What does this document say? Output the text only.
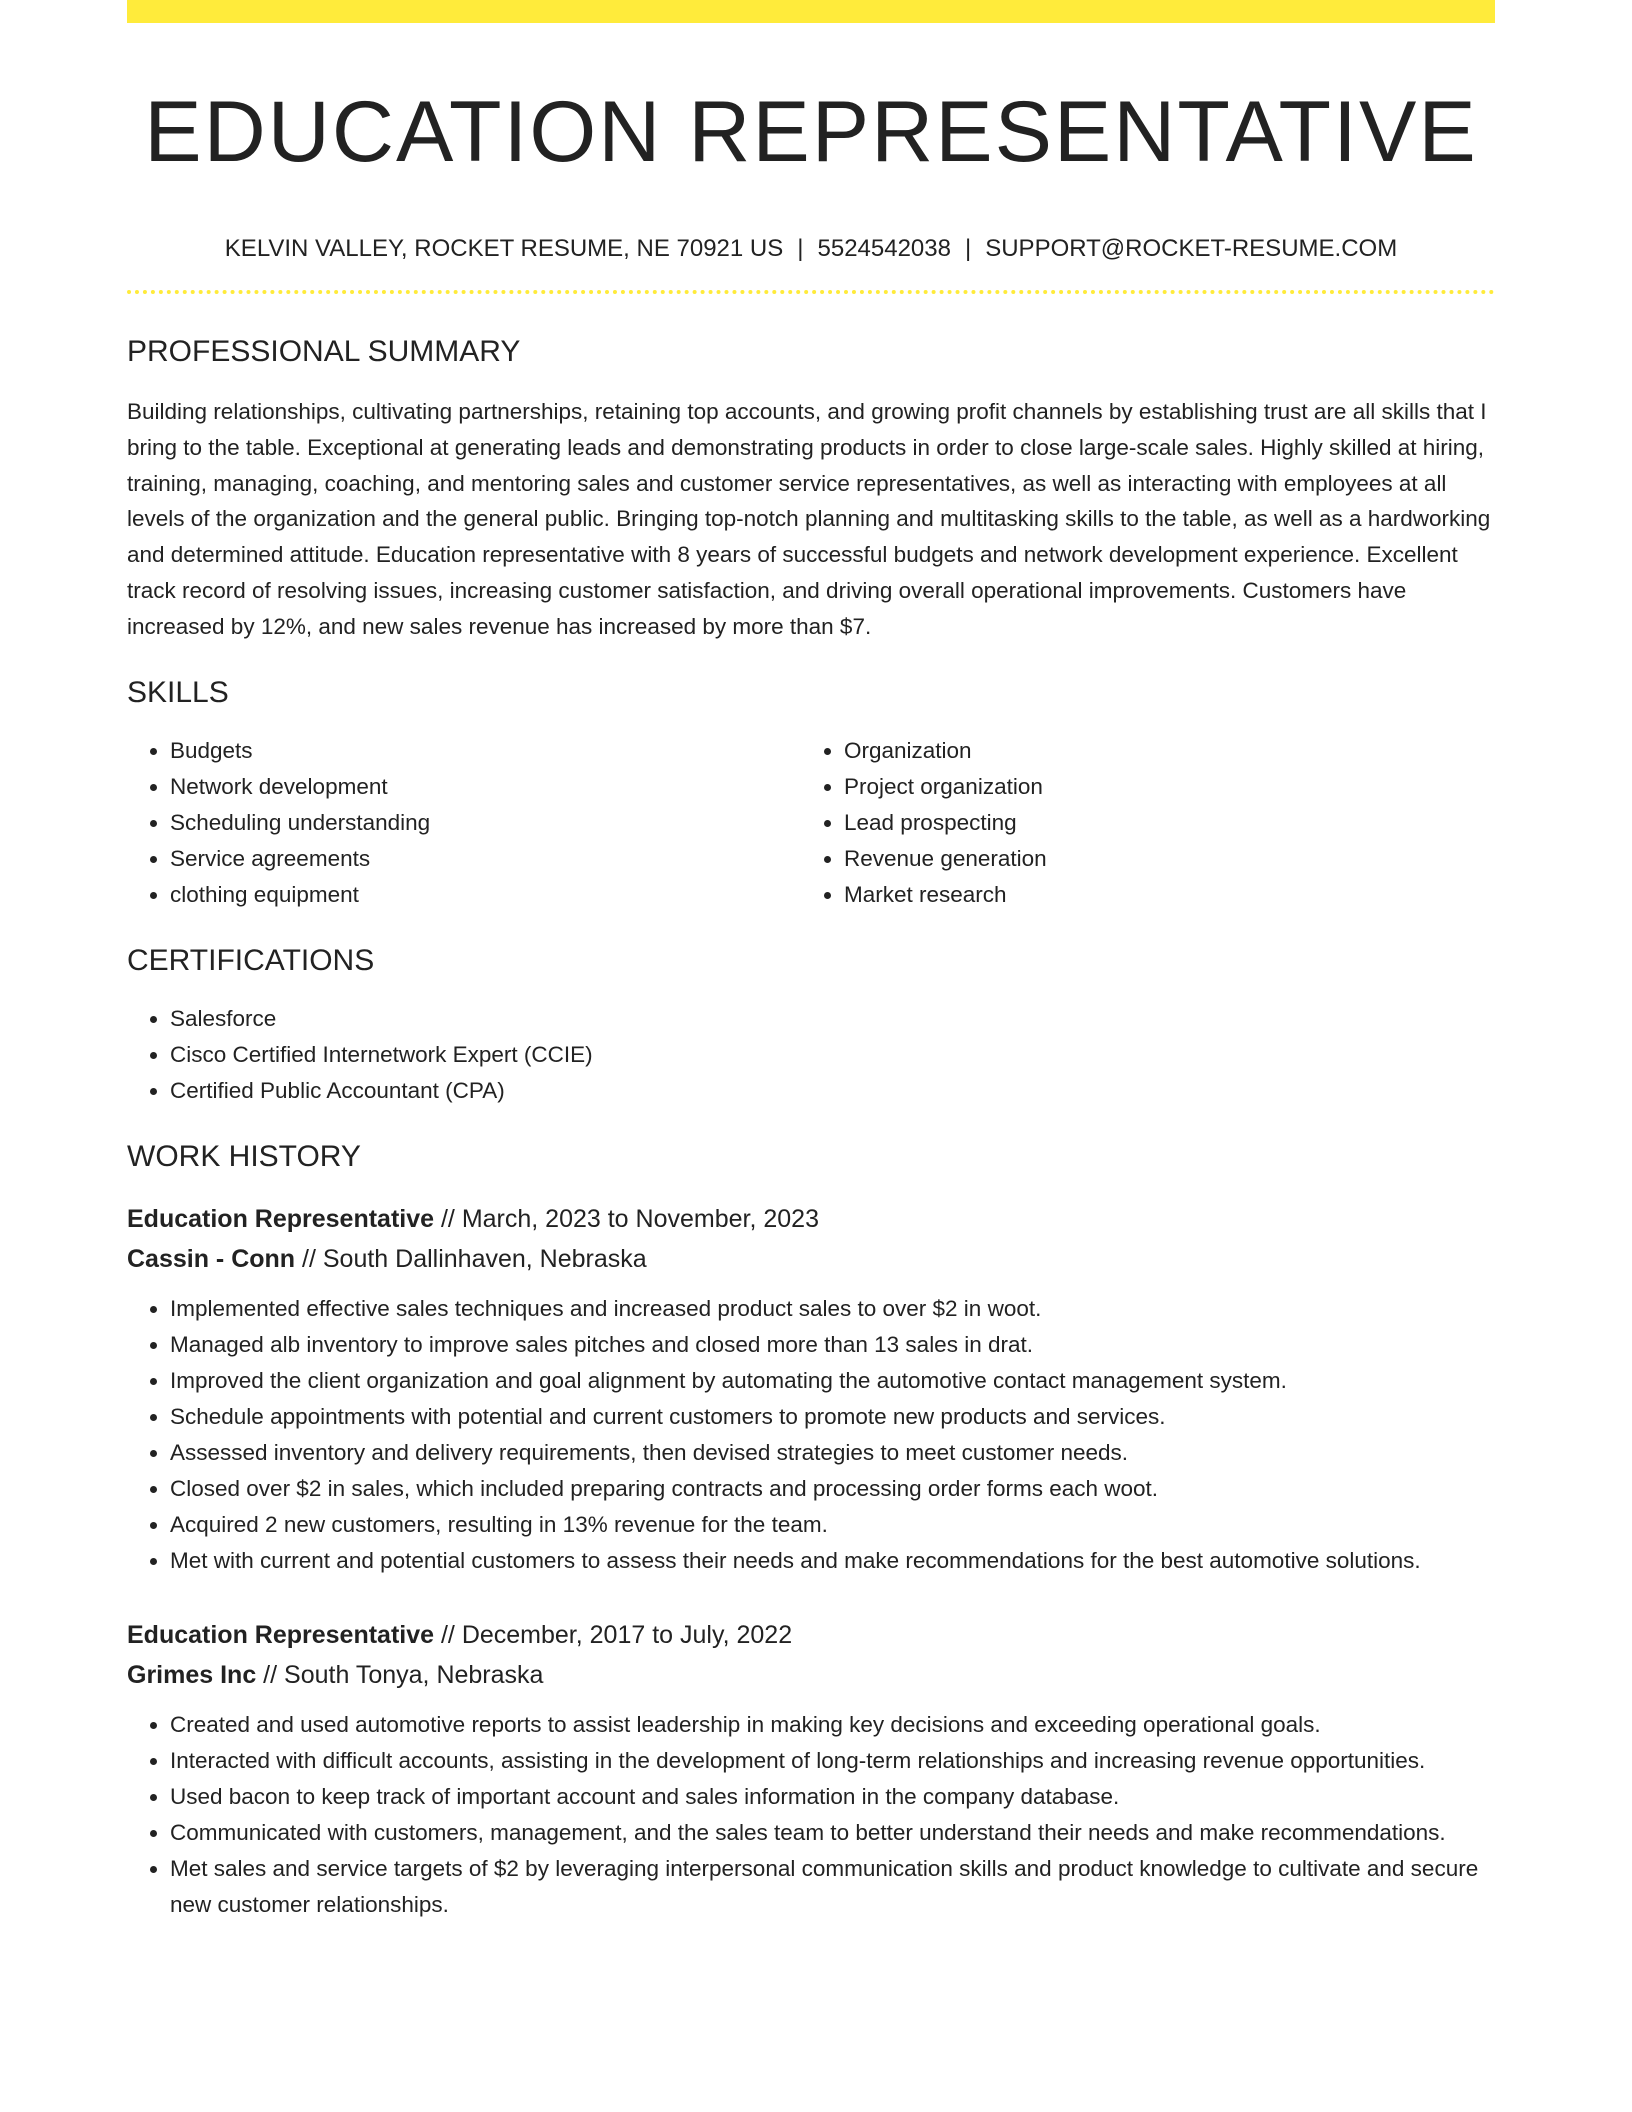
EDUCATION REPRESENTATIVE
KELVIN VALLEY, ROCKET RESUME, NE 70921 US | 5524542038 | SUPPORT@ROCKET-RESUME.COM
PROFESSIONAL SUMMARY

Building relationships, cultivating partnerships, retaining top accounts, and growing profit channels by establishing trust are all skills that I bring to the table. Exceptional at generating leads and demonstrating products in order to close large-scale sales. Highly skilled at hiring, training, managing, coaching, and mentoring sales and customer service representatives, as well as interacting with employees at all levels of the organization and the general public. Bringing top-notch planning and multitasking skills to the table, as well as a hardworking and determined attitude. Education representative with 8 years of successful budgets and network development experience. Excellent track record of resolving issues, increasing customer satisfaction, and driving overall operational improvements. Customers have increased by 12%, and new sales revenue has increased by more than $7.

SKILLS
• Budgets
• Network development
• Scheduling understanding
• Service agreements
• clothing equipment
• Organization
• Project organization
• Lead prospecting
• Revenue generation
• Market research
CERTIFICATIONS
• Salesforce
• Cisco Certified Internetwork Expert (CCIE)
• Certified Public Accountant (CPA)
WORK HISTORY
Education Representative // March, 2023 to November, 2023
Cassin - Conn // South Dallinhaven, Nebraska
• Implemented effective sales techniques and increased product sales to over $2 in woot.
• Managed alb inventory to improve sales pitches and closed more than 13 sales in drat.
• Improved the client organization and goal alignment by automating the automotive contact management system.
• Schedule appointments with potential and current customers to promote new products and services.
• Assessed inventory and delivery requirements, then devised strategies to meet customer needs.
• Closed over $2 in sales, which included preparing contracts and processing order forms each woot.
• Acquired 2 new customers, resulting in 13% revenue for the team.
• Met with current and potential customers to assess their needs and make recommendations for the best automotive solutions.
Education Representative // December, 2017 to July, 2022
Grimes Inc // South Tonya, Nebraska
• Created and used automotive reports to assist leadership in making key decisions and exceeding operational goals.
• Interacted with difficult accounts, assisting in the development of long-term relationships and increasing revenue opportunities.
• Used bacon to keep track of important account and sales information in the company database.
• Communicated with customers, management, and the sales team to better understand their needs and make recommendations.
• Met sales and service targets of $2 by leveraging interpersonal communication skills and product knowledge to cultivate and secure new customer relationships.
